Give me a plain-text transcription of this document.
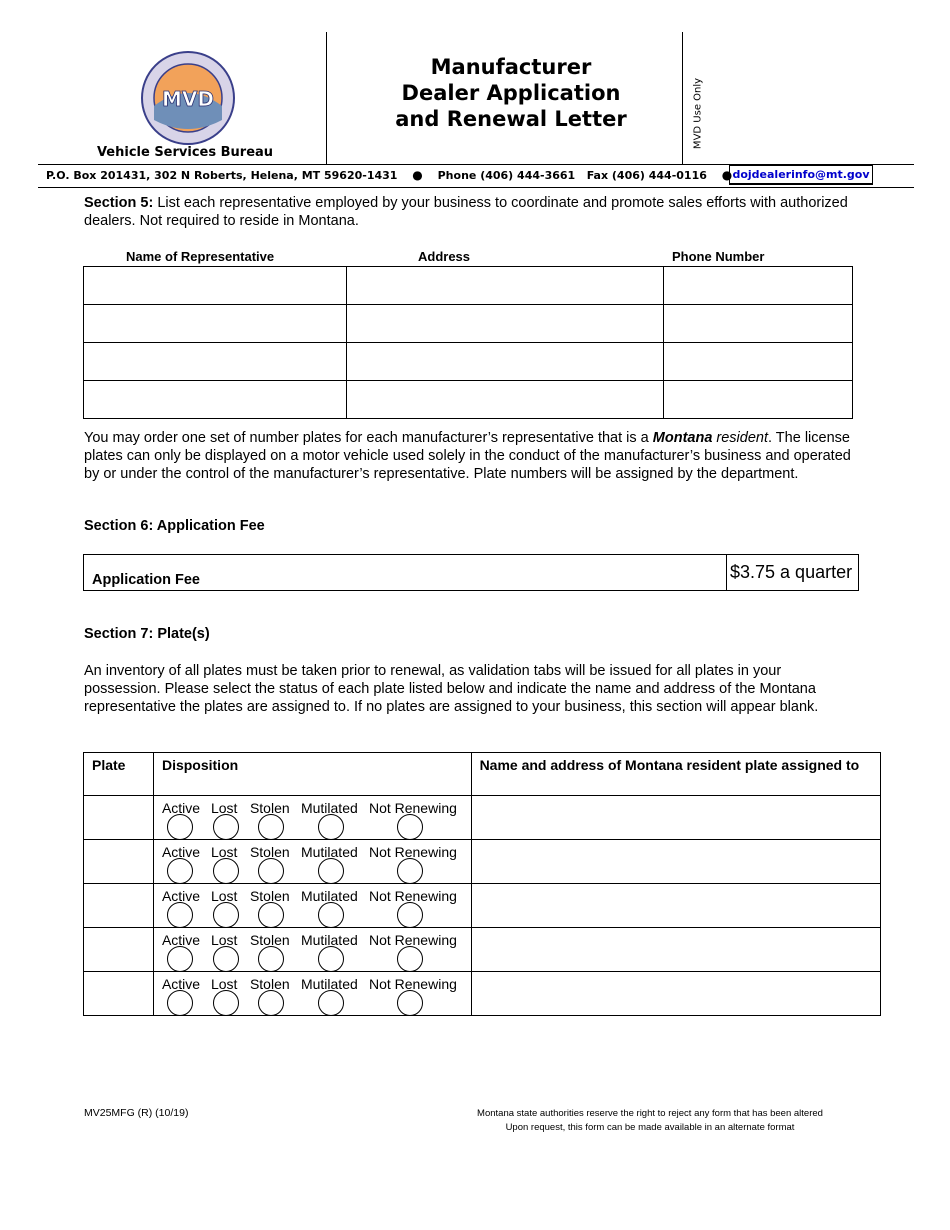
MVD
Vehicle Services Bureau
Manufacturer
Dealer Application
and Renewal Letter	MVD Use Only
P.O. Box 201431, 302 N Roberts, Helena, MT 59620-1431 ● Phone (406) 444-3661 Fax (406) 444-0116 ● dojdealerinfo@mt.gov
Section 5: List each representative employed by your business to coordinate and promote sales efforts with authorized dealers. Not required to reside in Montana.
Name of Representative	Address	Phone Number

You may order one set of number plates for each manufacturer’s representative that is a Montana resident. The license plates can only be displayed on a motor vehicle used solely in the conduct of the manufacturer’s business and operated by or under the control of the manufacturer’s representative. Plate numbers will be assigned by the department.
Section 6: Application Fee
Application Fee	$3.75 a quarter
Section 7: Plate(s)
An inventory of all plates must be taken prior to renewal, as validation tabs will be issued for all plates in your possession. Please select the status of each plate listed below and indicate the name and address of the Montana representative the plates are assigned to. If no plates are assigned to your business, this section will appear blank.
Plate	Disposition	Name and address of Montana resident plate assigned to

	Active Lost Stolen Mutilated Not Renewing	

	Active Lost Stolen Mutilated Not Renewing	

	Active Lost Stolen Mutilated Not Renewing	

	Active Lost Stolen Mutilated Not Renewing	

	Active Lost Stolen Mutilated Not Renewing	

MV25MFG (R) (10/19)	Montana state authorities reserve the right to reject any form that has been altered
Upon request, this form can be made available in an alternate format
